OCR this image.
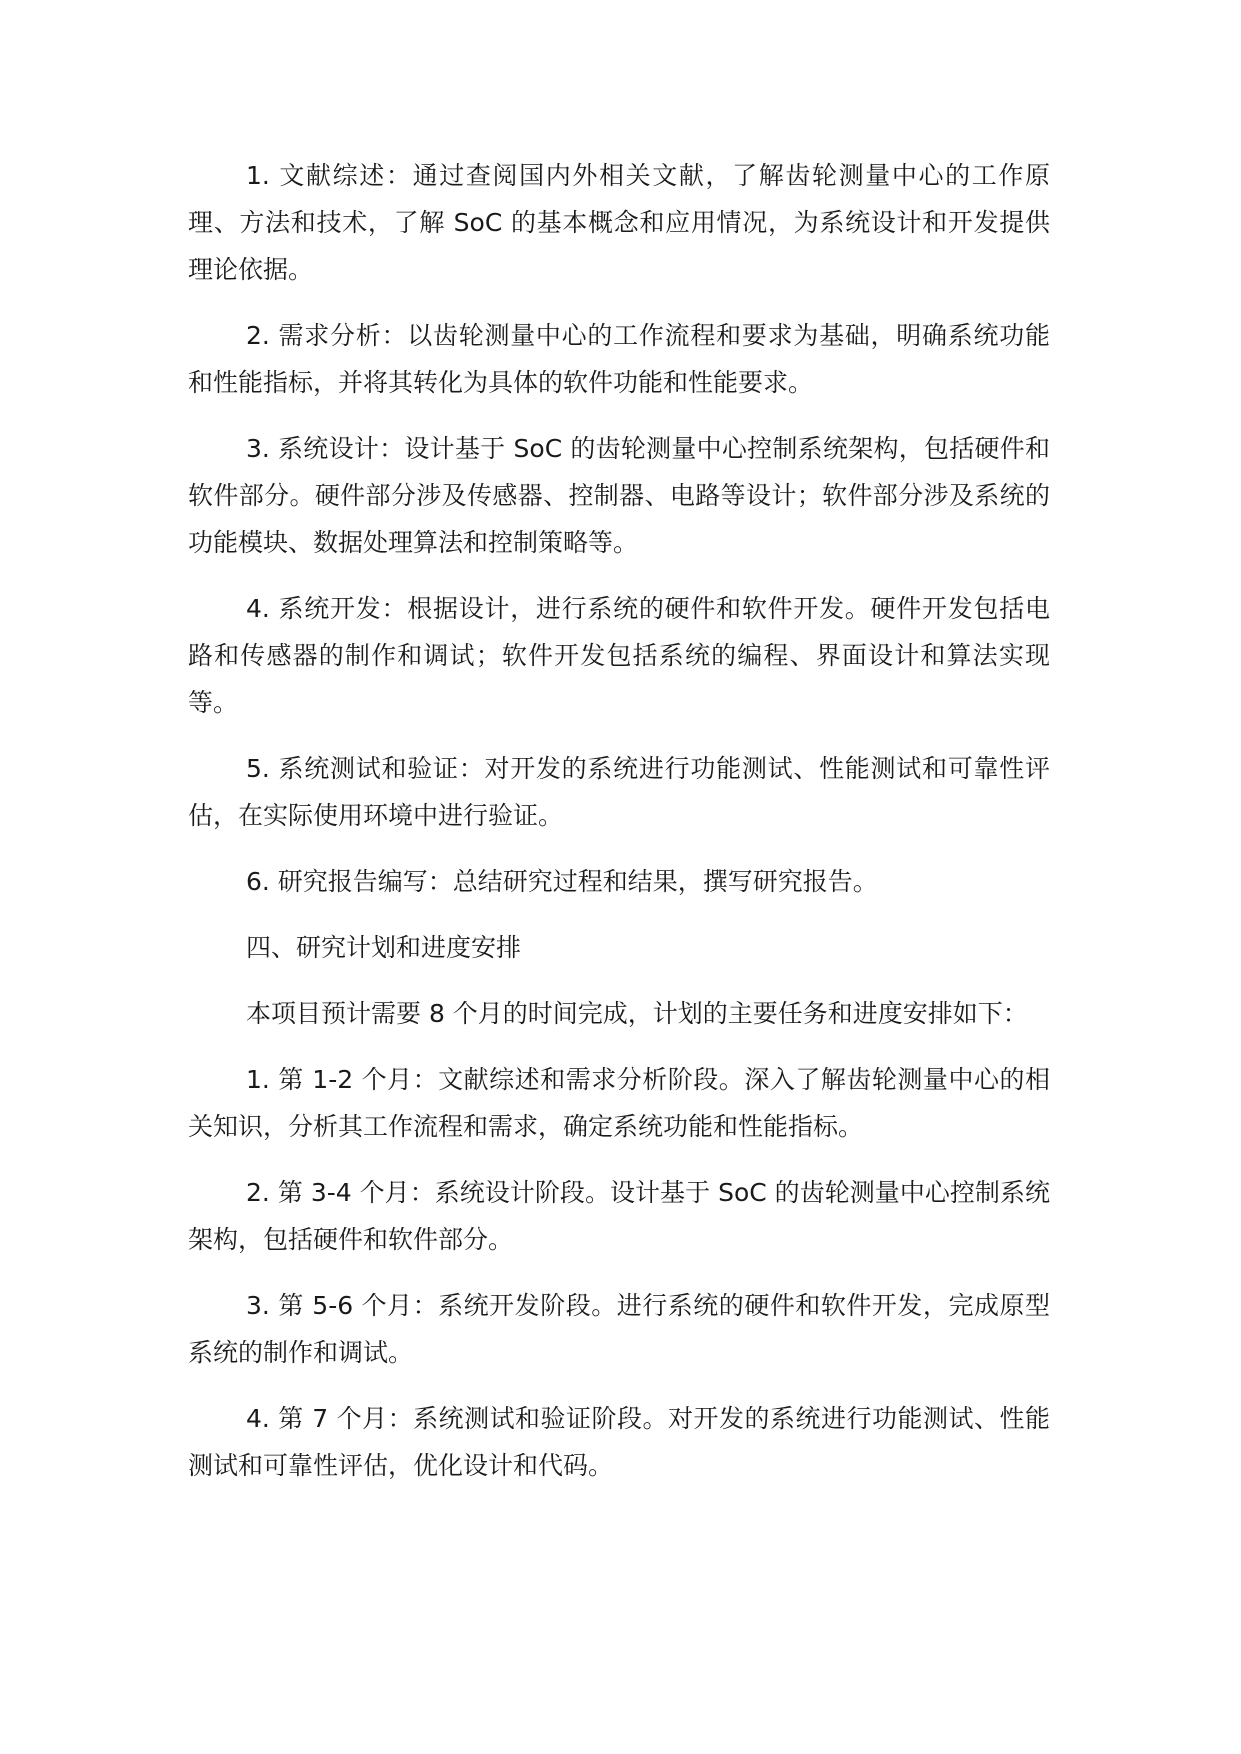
1. 文献综述：通过查阅国内外相关文献，了解齿轮测量中心的工作原理、方法和技术，了解 SoC 的基本概念和应用情况，为系统设计和开发提供理论依据。

2. 需求分析：以齿轮测量中心的工作流程和要求为基础，明确系统功能和性能指标，并将其转化为具体的软件功能和性能要求。

3. 系统设计：设计基于 SoC 的齿轮测量中心控制系统架构，包括硬件和软件部分。硬件部分涉及传感器、控制器、电路等设计；软件部分涉及系统的功能模块、数据处理算法和控制策略等。

4. 系统开发：根据设计，进行系统的硬件和软件开发。硬件开发包括电路和传感器的制作和调试；软件开发包括系统的编程、界面设计和算法实现等。

5. 系统测试和验证：对开发的系统进行功能测试、性能测试和可靠性评估，在实际使用环境中进行验证。

6. 研究报告编写：总结研究过程和结果，撰写研究报告。

四、研究计划和进度安排

本项目预计需要 8 个月的时间完成，计划的主要任务和进度安排如下：

1. 第 1-2 个月：文献综述和需求分析阶段。深入了解齿轮测量中心的相关知识，分析其工作流程和需求，确定系统功能和性能指标。

2. 第 3-4 个月：系统设计阶段。设计基于 SoC 的齿轮测量中心控制系统架构，包括硬件和软件部分。

3. 第 5-6 个月：系统开发阶段。进行系统的硬件和软件开发，完成原型系统的制作和调试。

4. 第 7 个月：系统测试和验证阶段。对开发的系统进行功能测试、性能测试和可靠性评估，优化设计和代码。
